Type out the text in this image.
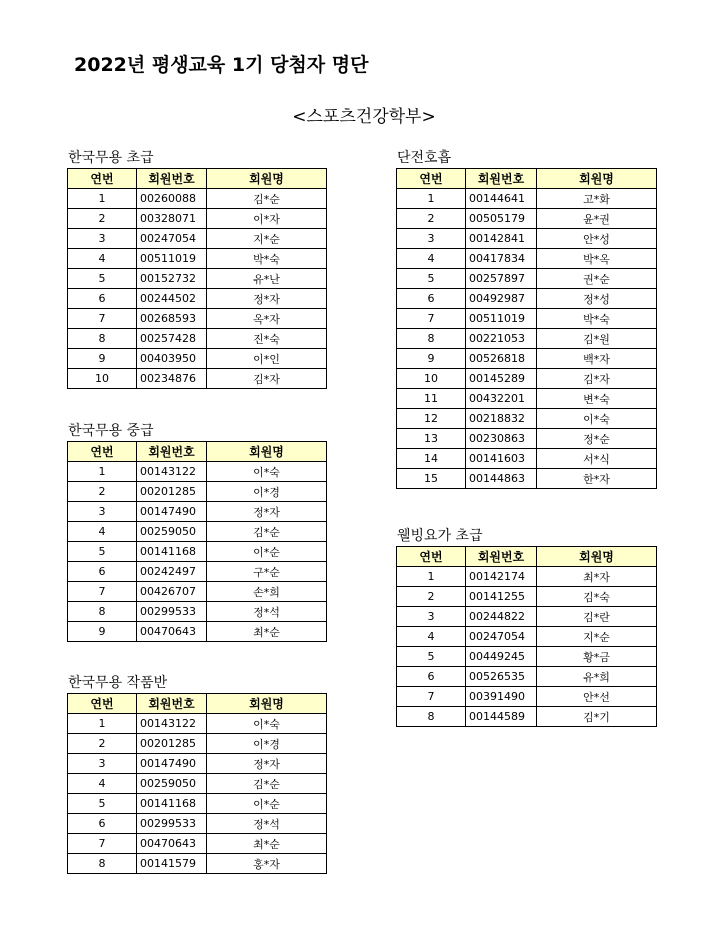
2022년 평생교육 1기 당첨자 명단
<스포츠건강학부>
한국무용 초급
연번	회원번호	회원명
1	00260088	김*순
2	00328071	이*자
3	00247054	지*순
4	00511019	박*숙
5	00152732	유*난
6	00244502	정*자
7	00268593	옥*자
8	00257428	진*숙
9	00403950	이*인
10	00234876	김*자
한국무용 중급
연번	회원번호	회원명
1	00143122	이*숙
2	00201285	이*경
3	00147490	정*자
4	00259050	김*순
5	00141168	이*순
6	00242497	구*순
7	00426707	손*희
8	00299533	정*석
9	00470643	최*순
한국무용 작품반
연번	회원번호	회원명
1	00143122	이*숙
2	00201285	이*경
3	00147490	정*자
4	00259050	김*순
5	00141168	이*순
6	00299533	정*석
7	00470643	최*순
8	00141579	홍*자
단전호흡
연번	회원번호	회원명
1	00144641	고*화
2	00505179	윤*권
3	00142841	안*성
4	00417834	박*옥
5	00257897	권*순
6	00492987	정*성
7	00511019	박*숙
8	00221053	김*원
9	00526818	백*자
10	00145289	김*자
11	00432201	변*숙
12	00218832	이*숙
13	00230863	정*순
14	00141603	서*식
15	00144863	한*자
웰빙요가 초급
연번	회원번호	회원명
1	00142174	최*자
2	00141255	김*숙
3	00244822	김*란
4	00247054	지*순
5	00449245	황*금
6	00526535	유*희
7	00391490	안*선
8	00144589	김*기
